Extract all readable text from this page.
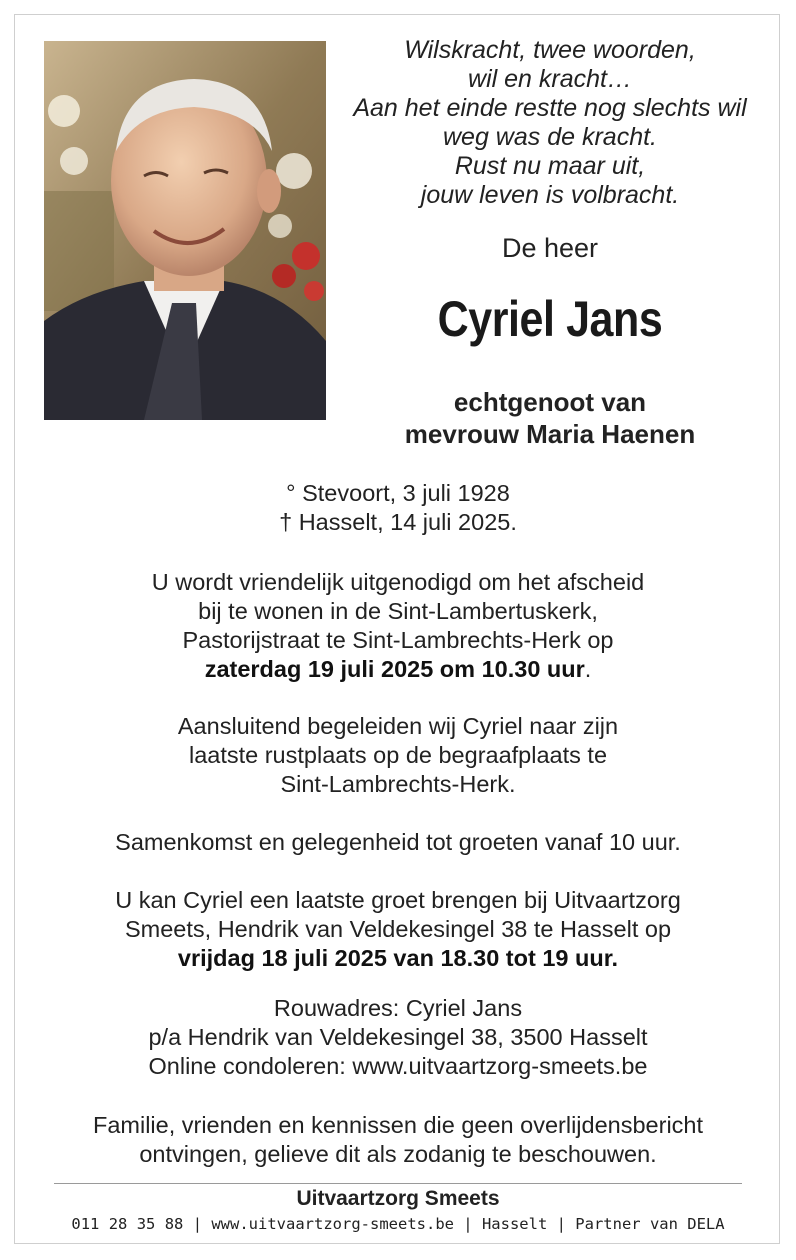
Wilskracht, twee woorden,
wil en kracht…
Aan het einde restte nog slechts wil
weg was de kracht.
Rust nu maar uit,
jouw leven is volbracht.
De heer
Cyriel Jans
echtgenoot van
mevrouw Maria Haenen
° Stevoort, 3 juli 1928
† Hasselt, 14 juli 2025.
U wordt vriendelijk uitgenodigd om het afscheid
bij te wonen in de Sint-Lambertuskerk,
Pastorijstraat te Sint-Lambrechts-Herk op
zaterdag 19 juli 2025 om 10.30 uur.
Aansluitend begeleiden wij Cyriel naar zijn
laatste rustplaats op de begraafplaats te
Sint-Lambrechts-Herk.
Samenkomst en gelegenheid tot groeten vanaf 10 uur.
U kan Cyriel een laatste groet brengen bij Uitvaartzorg
Smeets, Hendrik van Veldekesingel 38 te Hasselt op
vrijdag 18 juli 2025 van 18.30 tot 19 uur.
Rouwadres: Cyriel Jans
p/a Hendrik van Veldekesingel 38, 3500 Hasselt
Online condoleren: www.uitvaartzorg-smeets.be
Familie, vrienden en kennissen die geen overlijdensbericht
ontvingen, gelieve dit als zodanig te beschouwen.
Uitvaartzorg Smeets
011 28 35 88 | www.uitvaartzorg-smeets.be | Hasselt | Partner van DELA
